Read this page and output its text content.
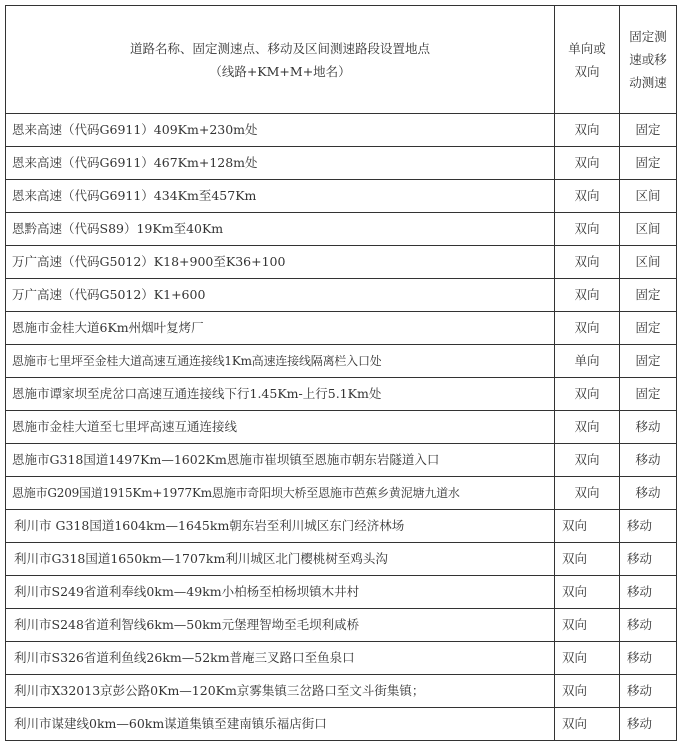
道路名称、固定测速点、移动及区间测速路段设置地点
（线路+KM+M+地名）	单向或双向	固定测速或移动测速
恩来高速（代码G6911）409Km+230m处	双向	固定
恩来高速（代码G6911）467Km+128m处	双向	固定
恩来高速（代码G6911）434Km至457Km	双向	区间
恩黔高速（代码S89）19Km至40Km	双向	区间
万广高速（代码G5012）K18+900至K36+100	双向	区间
万广高速（代码G5012）K1+600	双向	固定
恩施市金桂大道6Km州烟叶复烤厂	双向	固定
恩施市七里坪至金桂大道高速互通连接线1Km高速连接线隔离栏入口处	单向	固定
恩施市谭家坝至虎岔口高速互通连接线下行1.45Km-上行5.1Km处	双向	固定
恩施市金桂大道至七里坪高速互通连接线	双向	移动
恩施市G318国道1497Km—1602Km恩施市崔坝镇至恩施市朝东岩隧道入口	双向	移动
恩施市G209国道1915Km+1977Km恩施市奇阳坝大桥至恩施市芭蕉乡黄泥塘九道水	双向	移动
利川市 G318国道1604km—1645km朝东岩至利川城区东门经济林场	双向	移动
利川市G318国道1650km—1707km利川城区北门樱桃树至鸡头沟	双向	移动
利川市S249省道利奉线0km—49km小柏杨至柏杨坝镇木井村	双向	移动
利川市S248省道利智线6km—50km元堡理智坳至毛坝利咸桥	双向	移动
利川市S326省道利鱼线26km—52km普庵三叉路口至鱼泉口	双向	移动
利川市X32013京彭公路0Km—120Km京雾集镇三岔路口至文斗街集镇；	双向	移动
利川市谋建线0km—60km谋道集镇至建南镇乐福店街口	双向	移动
